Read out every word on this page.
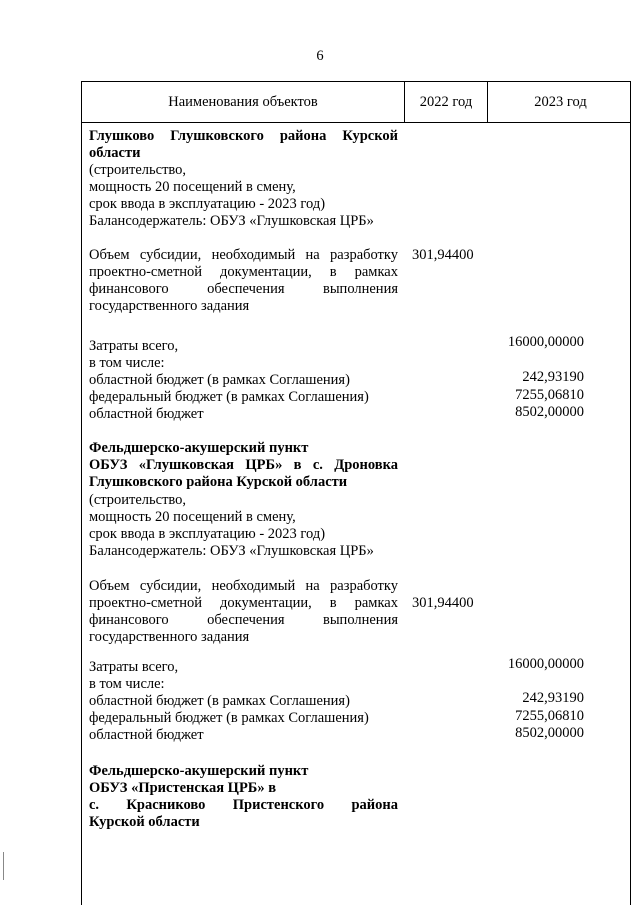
6
Наименования объектов	2022 год	2023 год
Глушково Глушковского района Курской
области
(строительство,
мощность 20 посещений в смену,
срок ввода в эксплуатацию - 2023 год)
Балансодержатель: ОБУЗ «Глушковская ЦРБ»
Объем субсидии, необходимый на разработку
проектно-сметной документации, в рамках
финансового обеспечения выполнения
государственного задания
301,94400
Затраты всего,
в том числе:
областной бюджет (в рамках Соглашения)
федеральный бюджет (в рамках Соглашения)
областной бюджет
16000,00000
242,93190
7255,06810
8502,00000
Фельдшерско-акушерский пункт
ОБУЗ «Глушковская ЦРБ» в с. Дроновка
Глушковского района Курской области
(строительство,
мощность 20 посещений в смену,
срок ввода в эксплуатацию - 2023 год)
Балансодержатель: ОБУЗ «Глушковская ЦРБ»
Объем субсидии, необходимый на разработку
проектно-сметной документации, в рамках
финансового обеспечения выполнения
государственного задания
301,94400
Затраты всего,
в том числе:
областной бюджет (в рамках Соглашения)
федеральный бюджет (в рамках Соглашения)
областной бюджет
16000,00000
242,93190
7255,06810
8502,00000
Фельдшерско-акушерский пункт
ОБУЗ «Пристенская ЦРБ» в
с. Красниково Пристенского района
Курской области
